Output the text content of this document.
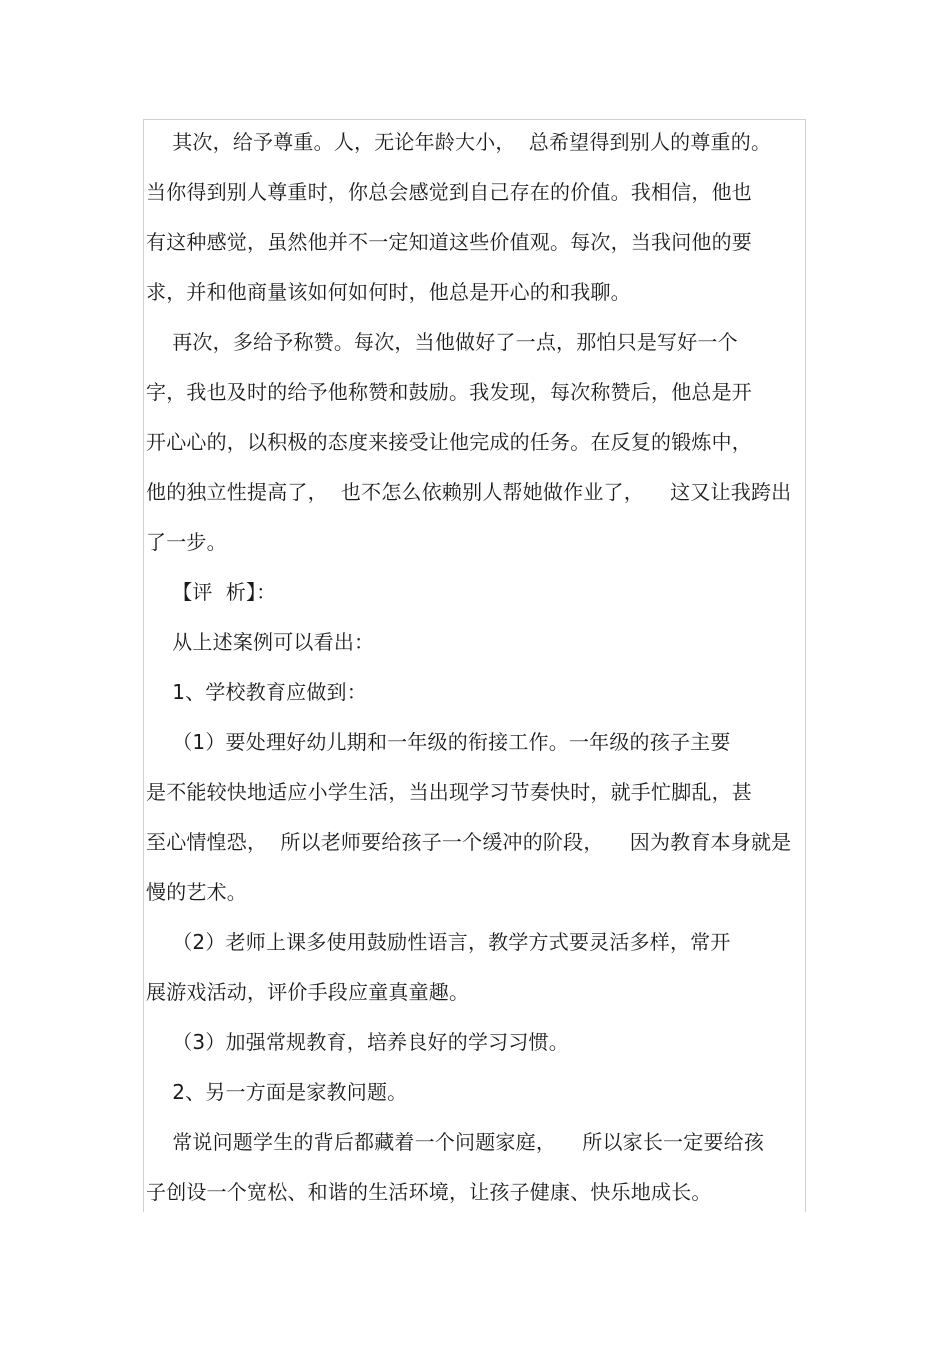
其次，给予尊重。人，无论年龄大小，  总希望得到别人的尊重的。
当你得到别人尊重时，你总会感觉到自己存在的价值。我相信，他也
有这种感觉，虽然他并不一定知道这些价值观。每次，当我问他的要
求，并和他商量该如何如何时，他总是开心的和我聊。
再次，多给予称赞。每次，当他做好了一点，那怕只是写好一个
字，我也及时的给予他称赞和鼓励。我发现，每次称赞后，他总是开
开心心的，以积极的态度来接受让他完成的任务。在反复的锻炼中，
他的独立性提高了，  也不怎么依赖别人帮她做作业了，    这又让我跨出
了一步。
【评  析】：
从上述案例可以看出：
1、学校教育应做到：
（1）要处理好幼儿期和一年级的衔接工作。一年级的孩子主要
是不能较快地适应小学生活，当出现学习节奏快时，就手忙脚乱，甚
至心情惶恐，  所以老师要给孩子一个缓冲的阶段，    因为教育本身就是
慢的艺术。
（2）老师上课多使用鼓励性语言，教学方式要灵活多样，常开
展游戏活动，评价手段应童真童趣。
（3）加强常规教育，培养良好的学习习惯。
2、另一方面是家教问题。
常说问题学生的背后都藏着一个问题家庭，    所以家长一定要给孩
子创设一个宽松、和谐的生活环境，让孩子健康、快乐地成长。
